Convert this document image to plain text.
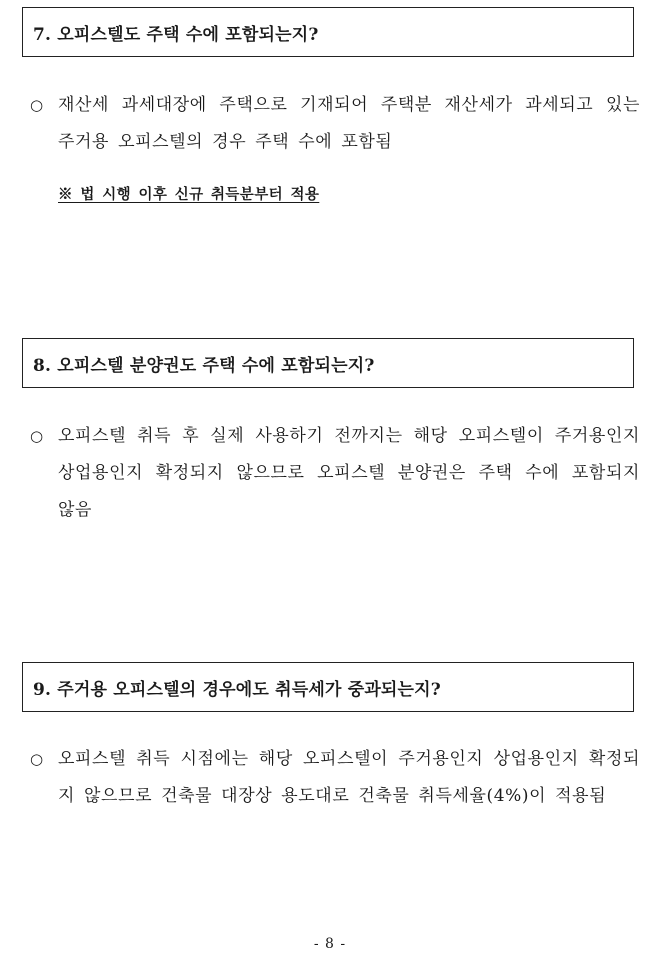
7. 오피스텔도 주택 수에 포함되는지?
○ 재산세 과세대장에 주택으로 기재되어 주택분 재산세가 과세되고 있는 주거용 오피스텔의 경우 주택 수에 포함됨
※ 법 시행 이후 신규 취득분부터 적용
8. 오피스텔 분양권도 주택 수에 포함되는지?
○ 오피스텔 취득 후 실제 사용하기 전까지는 해당 오피스텔이 주거용인지 상업용인지 확정되지 않으므로 오피스텔 분양권은 주택 수에 포함되지 않음
9. 주거용 오피스텔의 경우에도 취득세가 중과되는지?
○ 오피스텔 취득 시점에는 해당 오피스텔이 주거용인지 상업용인지 확정되지 않으므로 건축물 대장상 용도대로 건축물 취득세율(4%)이 적용됨
- 8 -
